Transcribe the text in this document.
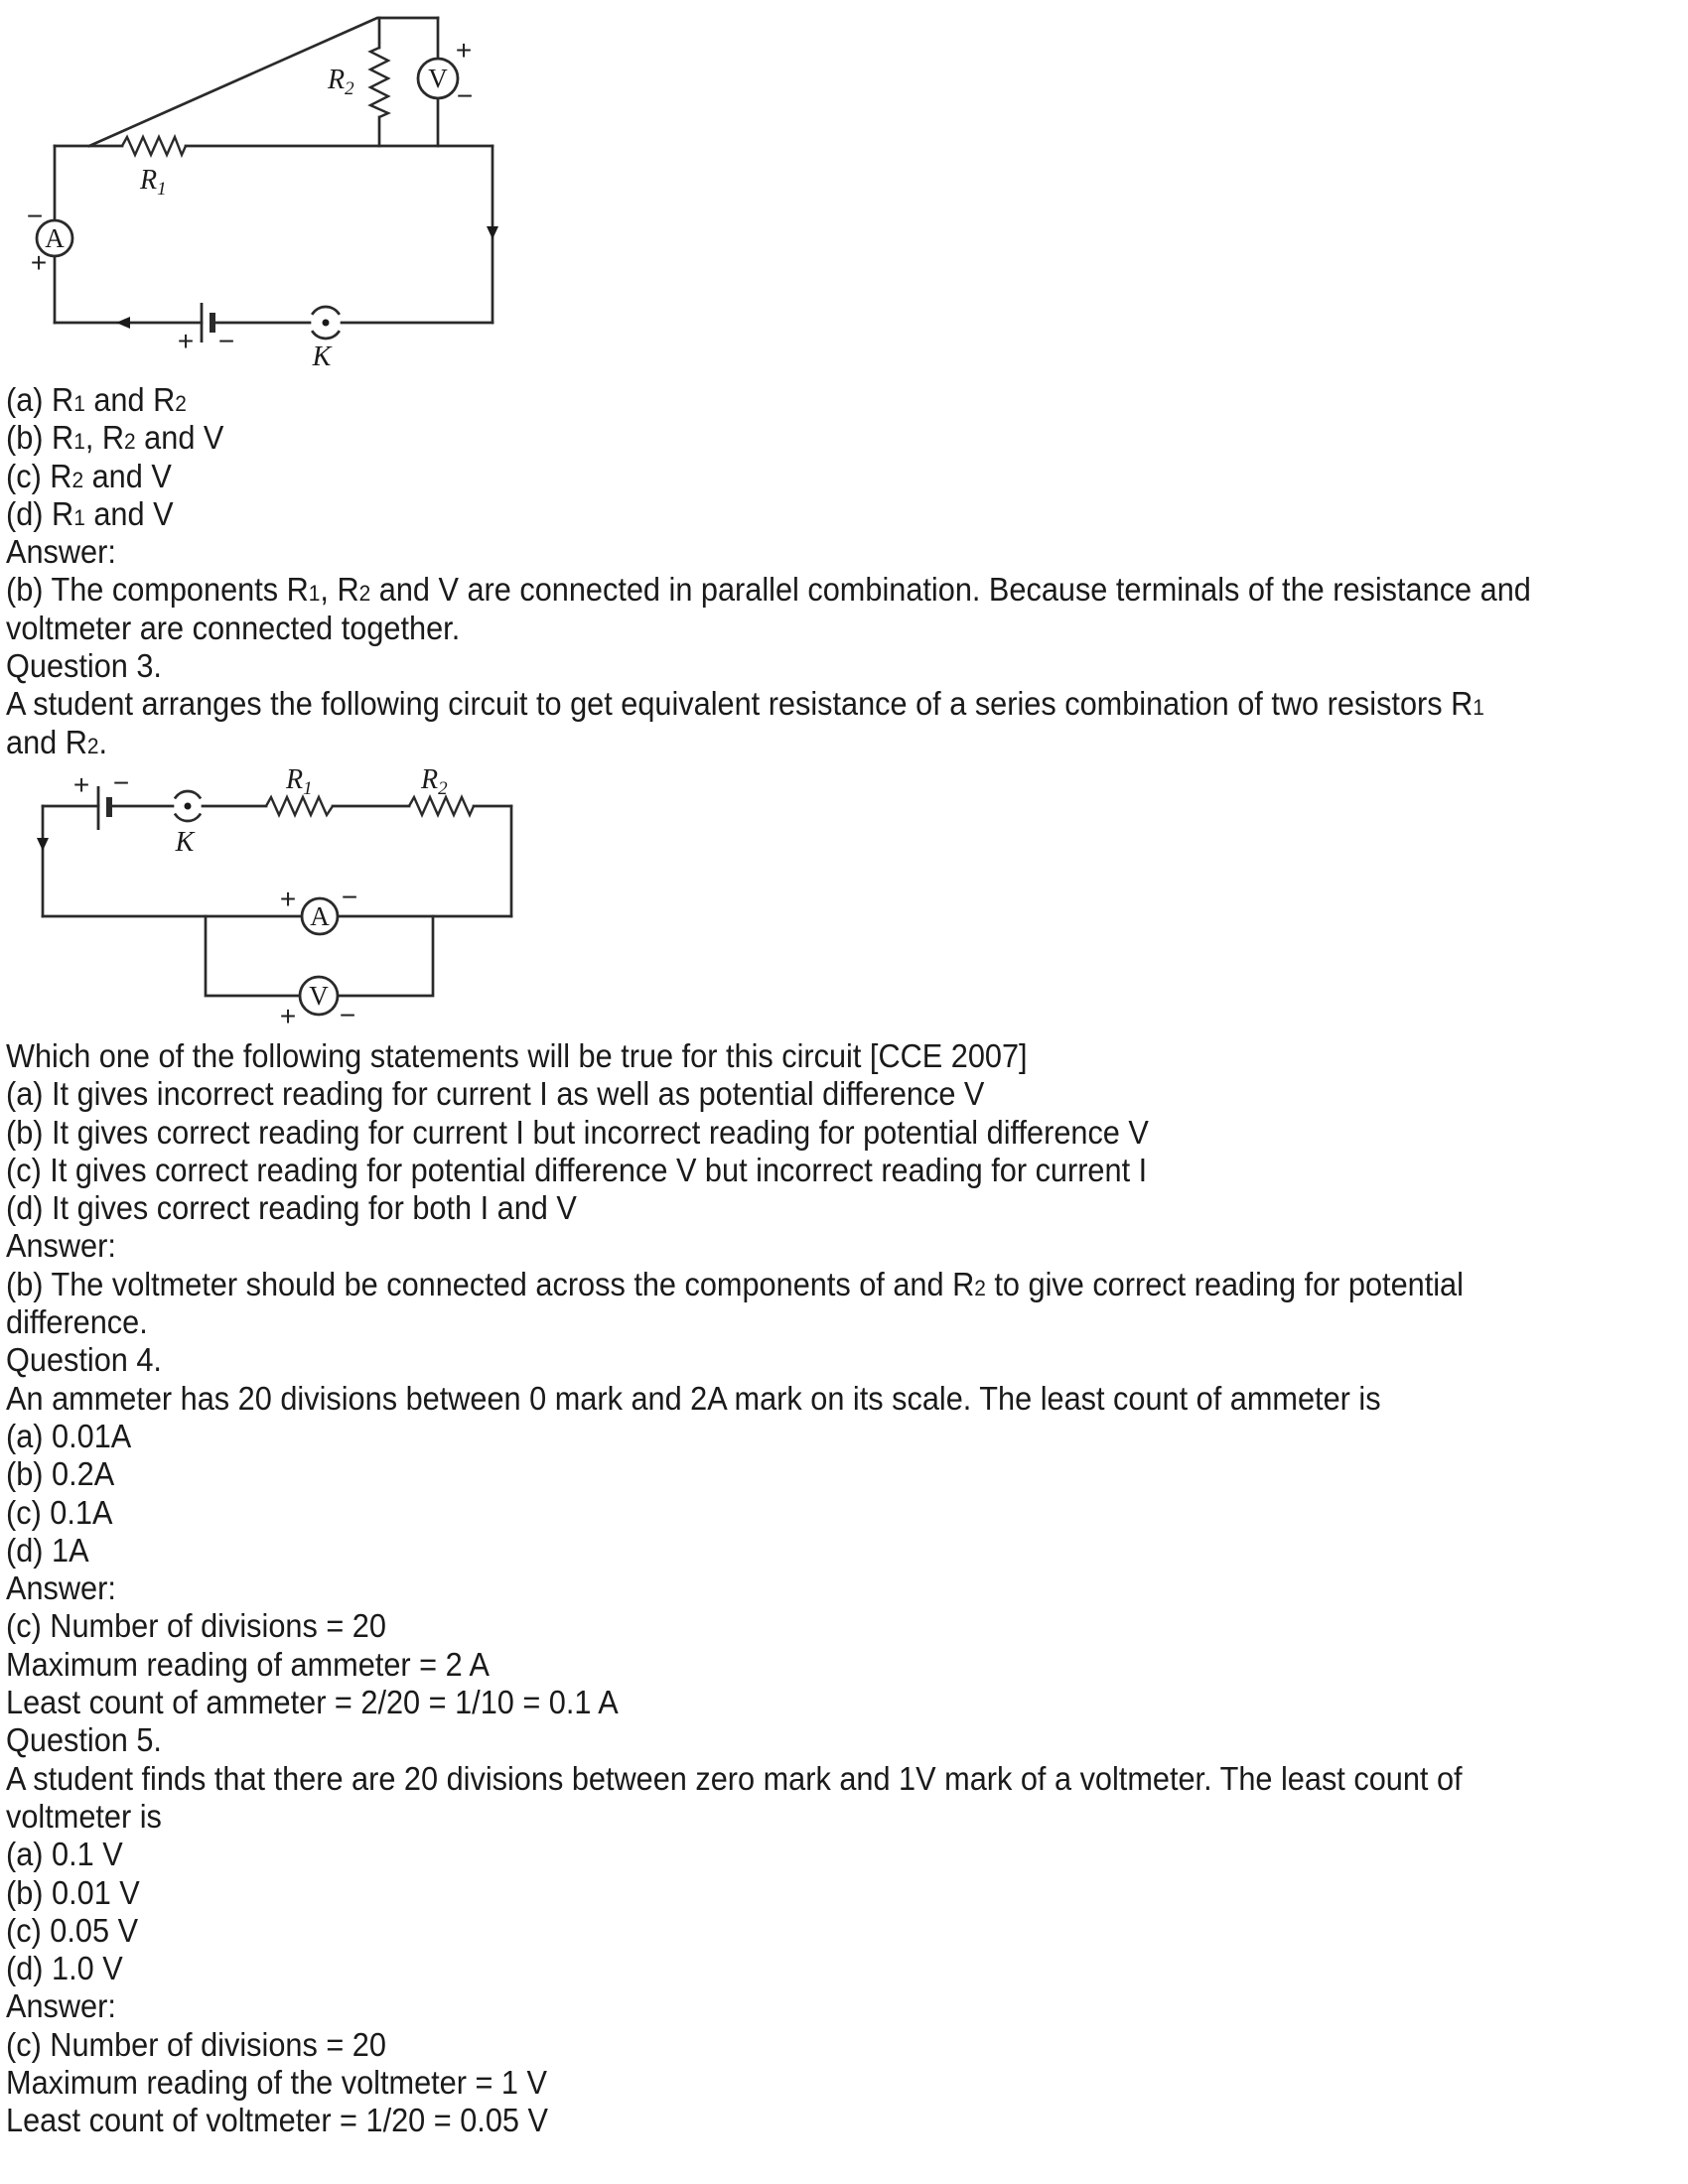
$R_1$
$R_2$	V
+
−
A
−
+
+ −
K
(a) R1 and R2
(b) R1, R2 and V
(c) R2 and V
(d) R1 and V
Answer:
(b) The components R1, R2 and V are connected in parallel combination. Because terminals of the resistance and
voltmeter are connected together.
Question 3.
A student arranges the following circuit to get equivalent resistance of a series combination of two resistors R1
and R2.
+ −
K
$R_1$	$R_2$
A
+ −
V
+ −
Which one of the following statements will be true for this circuit [CCE 2007]
(a) It gives incorrect reading for current I as well as potential difference V
(b) It gives correct reading for current I but incorrect reading for potential difference V
(c) It gives correct reading for potential difference V but incorrect reading for current I
(d) It gives correct reading for both I and V
Answer:
(b) The voltmeter should be connected across the components of and R2 to give correct reading for potential
difference.
Question 4.
An ammeter has 20 divisions between 0 mark and 2A mark on its scale. The least count of ammeter is
(a) 0.01A
(b) 0.2A
(c) 0.1A
(d) 1A
Answer:
(c) Number of divisions = 20
Maximum reading of ammeter = 2 A
Least count of ammeter = 2/20 = 1/10 = 0.1 A
Question 5.
A student finds that there are 20 divisions between zero mark and 1V mark of a voltmeter. The least count of
voltmeter is
(a) 0.1 V
(b) 0.01 V
(c) 0.05 V
(d) 1.0 V
Answer:
(c) Number of divisions = 20
Maximum reading of the voltmeter = 1 V
Least count of voltmeter = 1/20 = 0.05 V
